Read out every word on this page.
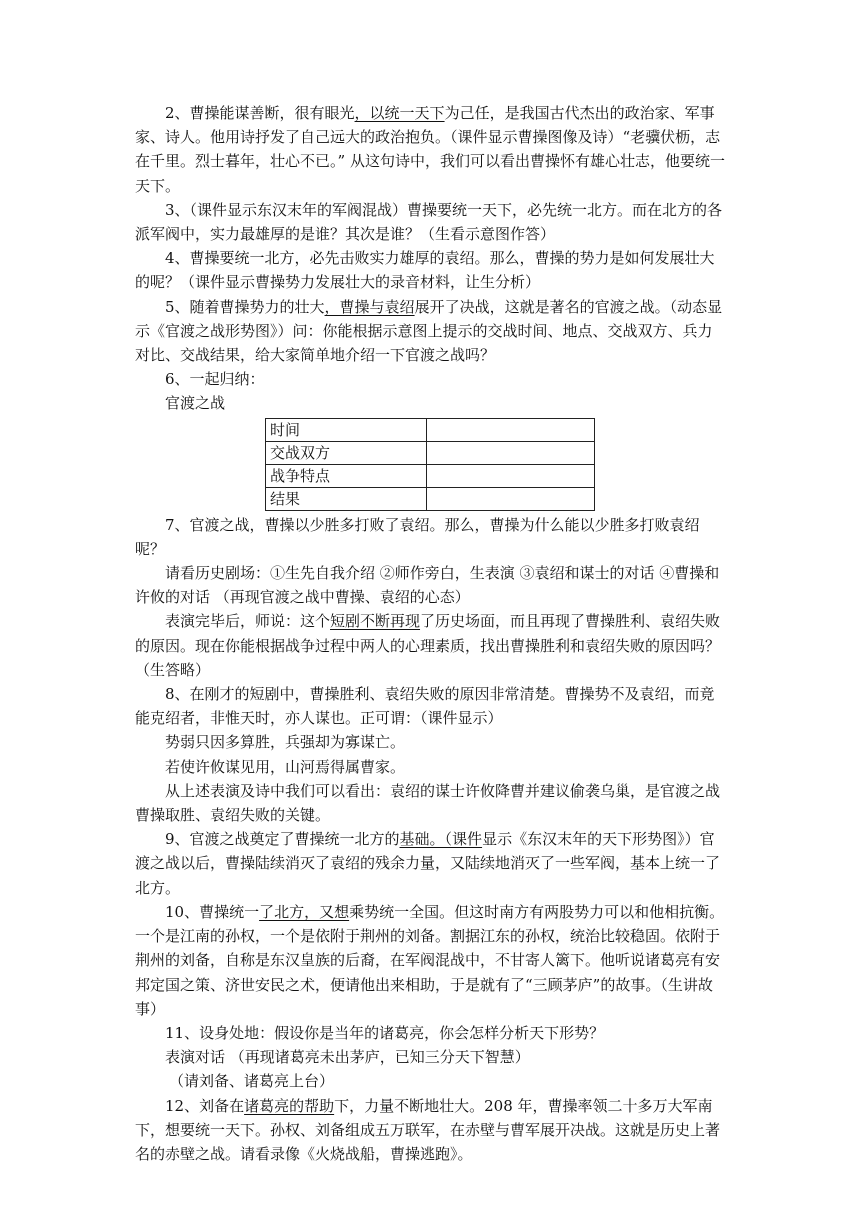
2、曹操能谋善断，很有眼光，以统一天下为己任，是我国古代杰出的政治家、军事家、诗人。他用诗抒发了自己远大的政治抱负。（课件显示曹操图像及诗）“老骥伏枥，志在千里。烈士暮年，壮心不已。” 从这句诗中，我们可以看出曹操怀有雄心壮志，他要统一天下。

3、（课件显示东汉末年的军阀混战）曹操要统一天下，必先统一北方。而在北方的各派军阀中，实力最雄厚的是谁？其次是谁？（生看示意图作答）

4、曹操要统一北方，必先击败实力雄厚的袁绍。那么，曹操的势力是如何发展壮大的呢？（课件显示曹操势力发展壮大的录音材料，让生分析）

5、随着曹操势力的壮大，曹操与袁绍展开了决战，这就是著名的官渡之战。（动态显示《官渡之战形势图》）问：你能根据示意图上提示的交战时间、地点、交战双方、兵力对比、交战结果，给大家简单地介绍一下官渡之战吗？

6、一起归纳：

官渡之战

时间	
交战双方	
战争特点	
结果	

7、官渡之战，曹操以少胜多打败了袁绍。那么，曹操为什么能以少胜多打败袁绍呢？

请看历史剧场：①生先自我介绍 ②师作旁白，生表演 ③袁绍和谋士的对话 ④曹操和许攸的对话 （再现官渡之战中曹操、袁绍的心态）

表演完毕后，师说：这个短剧不断再现了历史场面，而且再现了曹操胜利、袁绍失败的原因。现在你能根据战争过程中两人的心理素质，找出曹操胜利和袁绍失败的原因吗？（生答略）

8、在刚才的短剧中，曹操胜利、袁绍失败的原因非常清楚。曹操势不及袁绍，而竟能克绍者，非惟天时，亦人谋也。正可谓：（课件显示）

势弱只因多算胜，兵强却为寡谋亡。

若使许攸谋见用，山河焉得属曹家。

从上述表演及诗中我们可以看出：袁绍的谋士许攸降曹并建议偷袭乌巢，是官渡之战曹操取胜、袁绍失败的关键。

9、官渡之战奠定了曹操统一北方的基础。（课件显示《东汉末年的天下形势图》）官渡之战以后，曹操陆续消灭了袁绍的残余力量，又陆续地消灭了一些军阀，基本上统一了北方。

10、曹操统一了北方，又想乘势统一全国。但这时南方有两股势力可以和他相抗衡。一个是江南的孙权，一个是依附于荆州的刘备。割据江东的孙权，统治比较稳固。依附于荆州的刘备，自称是东汉皇族的后裔，在军阀混战中，不甘寄人篱下。他听说诸葛亮有安邦定国之策、济世安民之术，便请他出来相助，于是就有了“三顾茅庐”的故事。（生讲故事）

11、设身处地：假设你是当年的诸葛亮，你会怎样分析天下形势？

表演对话 （再现诸葛亮未出茅庐，已知三分天下智慧）

（请刘备、诸葛亮上台）

12、刘备在诸葛亮的帮助下，力量不断地壮大。208 年，曹操率领二十多万大军南下，想要统一天下。孙权、刘备组成五万联军，在赤壁与曹军展开决战。这就是历史上著名的赤壁之战。请看录像《火烧战船，曹操逃跑》。
